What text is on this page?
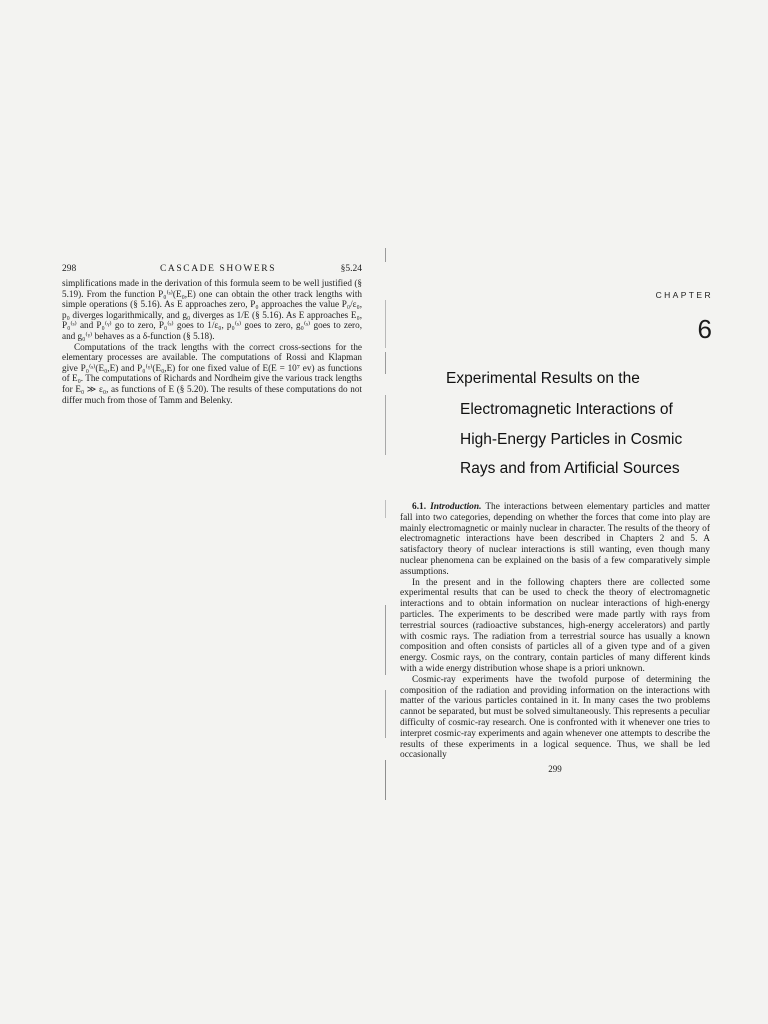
298	CASCADE SHOWERS	§5.24

simplifications made in the derivation of this formula seem to be well justified (§ 5.19). From the function P₀⁽ˢ⁾(E₀,E) one can obtain the other track lengths with simple operations (§ 5.16). As E approaches zero, P₀ approaches the value P₀/ε₀, p₀ diverges logarithmically, and g₀ diverges as 1/E (§ 5.16). As E approaches E₀, P₀⁽ˢ⁾ and P₀⁽ᵞ⁾ go to zero, P₀⁽ˢ⁾ goes to 1/ε₀, p₀⁽ˢ⁾ goes to zero, g₀⁽ˢ⁾ goes to zero, and g₀⁽ᵞ⁾ behaves as a δ-function (§ 5.18).

Computations of the track lengths with the correct cross-sections for the elementary processes are available. The computations of Rossi and Klapman give P₀⁽ˢ⁾(E₀,E) and P₀⁽ᵞ⁾(E₀,E) for one fixed value of E(E = 10⁷ ev) as functions of E₀. The computations of Richards and Nordheim give the various track lengths for E₀ ≫ ε₀, as functions of E (§ 5.20). The results of these computations do not differ much from those of Tamm and Belenky.

CHAPTER
6
Experimental Results on the
Electromagnetic Interactions of
High-Energy Particles in Cosmic
Rays and from Artificial Sources

6.1. Introduction. The interactions between elementary particles and matter fall into two categories, depending on whether the forces that come into play are mainly electromagnetic or mainly nuclear in character. The results of the theory of electromagnetic interactions have been described in Chapters 2 and 5. A satisfactory theory of nuclear interactions is still wanting, even though many nuclear phenomena can be explained on the basis of a few comparatively simple assumptions.

In the present and in the following chapters there are collected some experimental results that can be used to check the theory of electromagnetic interactions and to obtain information on nuclear interactions of high-energy particles. The experiments to be described were made partly with rays from terrestrial sources (radioactive substances, high-energy accelerators) and partly with cosmic rays. The radiation from a terrestrial source has usually a known composition and often consists of particles all of a given type and of a given energy. Cosmic rays, on the contrary, contain particles of many different kinds with a wide energy distribution whose shape is a priori unknown.

Cosmic-ray experiments have the twofold purpose of determining the composition of the radiation and providing information on the interactions with matter of the various particles contained in it. In many cases the two problems cannot be separated, but must be solved simultaneously. This represents a peculiar difficulty of cosmic-ray research. One is confronted with it whenever one tries to interpret cosmic-ray experiments and again whenever one attempts to describe the results of these experiments in a logical sequence. Thus, we shall be led occasionally

299
